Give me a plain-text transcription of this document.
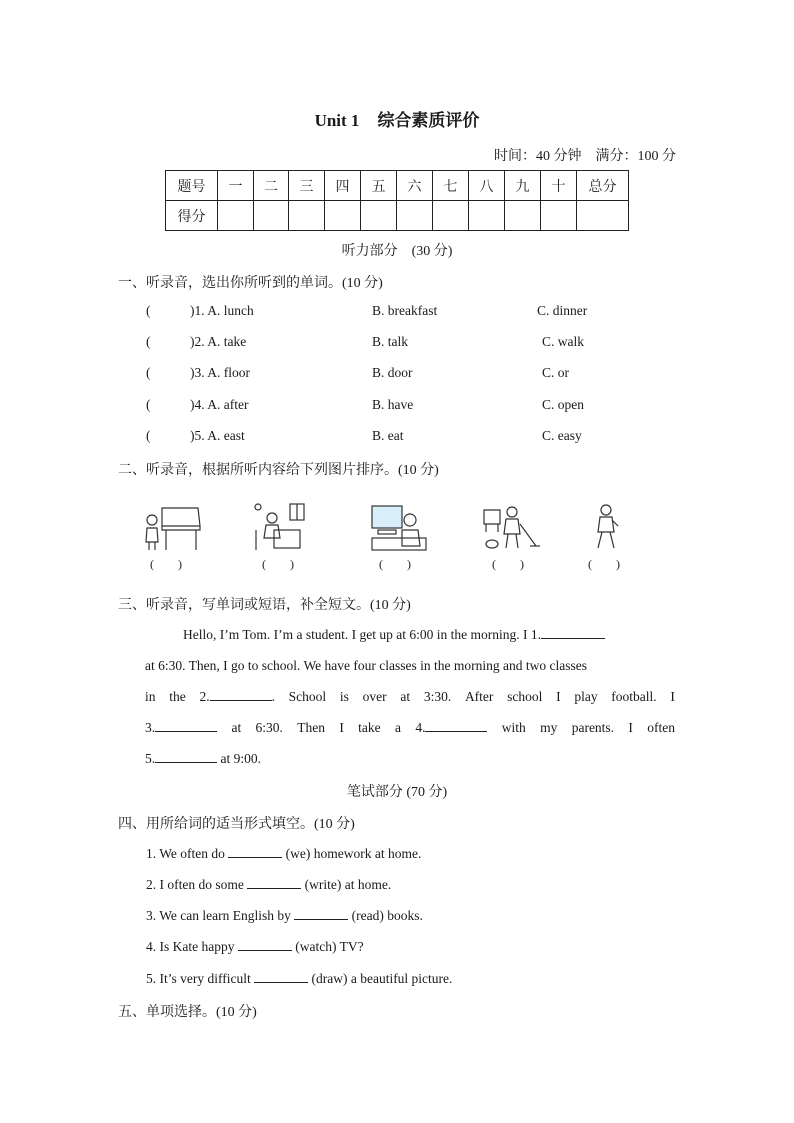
Unit 1 综合素质评价
时间：40 分钟 满分：100 分
题号	一	二	三	四	五	六	七	八	九	十	总分
得分											
听力部分　(30 分)
一、听录音，选出你所听到的单词。(10 分)
(	)1. A. lunch	B. breakfast	C. dinner
(	)2. A. take	B. talk	C. walk
(	)3. A. floor	B. door	C. or
(	)4. A. after	B. have	C. open
(	)5. A. east	B. eat	C. easy
二、听录音，根据所听内容给下列图片排序。(10 分)
(　　)	(　　)	(　　)	(　　)	(　　)
三、听录音，写单词或短语，补全短文。(10 分)
Hello, I’m Tom. I’m a student. I get up at 6:00 in the morning. I 1.
at 6:30. Then, I go to school. We have four classes in the morning and two classes
in the 2.	. School is over at 3:30. After school I play football. I
3.	at 6:30. Then I take a 4.	with my parents. I often
5.	at 9:00.
笔试部分 (70 分)
四、用所给词的适当形式填空。(10 分)
1. We often do	(we) homework at home.
2. I often do some	(write) at home.
3. We can learn English by	(read) books.
4. Is Kate happy	(watch) TV?
5. It’s very difficult	(draw) a beautiful picture.
五、单项选择。(10 分)
